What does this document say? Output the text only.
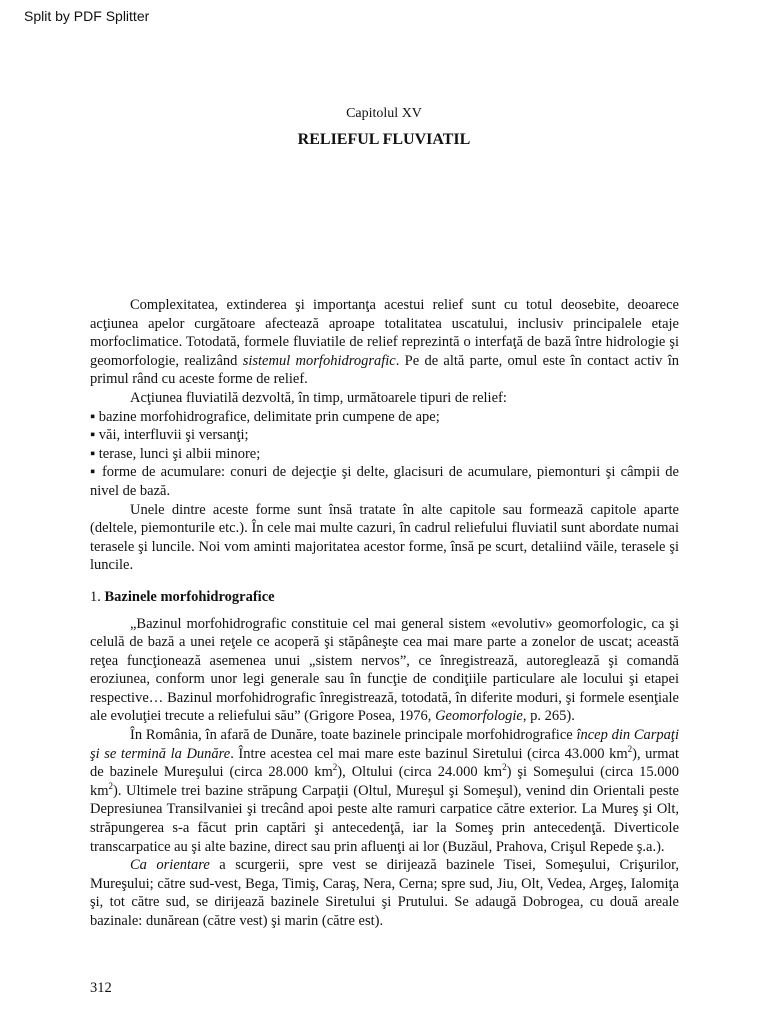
Split by PDF Splitter
Capitolul XV
RELIEFUL FLUVIATIL

Complexitatea, extinderea şi importanţa acestui relief sunt cu totul deosebite, deoarece acţiunea apelor curgătoare afectează aproape totalitatea uscatului, inclusiv principalele etaje morfoclimatice. Totodată, formele fluviatile de relief reprezintă o interfaţă de bază între hidrologie şi geomorfologie, realizând sistemul morfohidrografic. Pe de altă parte, omul este în contact activ în primul rând cu aceste forme de relief.

Acţiunea fluviatilă dezvoltă, în timp, următoarele tipuri de relief:

▪ bazine morfohidrografice, delimitate prin cumpene de ape;

▪ văi, interfluvii şi versanţi;

▪ terase, lunci şi albii minore;

▪ forme de acumulare: conuri de dejecţie şi delte, glacisuri de acumulare, piemonturi şi câmpii de nivel de bază.

Unele dintre aceste forme sunt însă tratate în alte capitole sau formează capitole aparte (deltele, piemonturile etc.). În cele mai multe cazuri, în cadrul reliefului fluviatil sunt abordate numai terasele şi luncile. Noi vom aminti majoritatea acestor forme, însă pe scurt, detaliind văile, terasele şi luncile.

1. Bazinele morfohidrografice

„Bazinul morfohidrografic constituie cel mai general sistem «evolutiv» geomorfologic, ca şi celulă de bază a unei reţele ce acoperă şi stăpâneşte cea mai mare parte a zonelor de uscat; această reţea funcţionează asemenea unui „sistem nervos”, ce înregistrează, autoreglează şi comandă eroziunea, conform unor legi generale sau în funcţie de condiţiile particulare ale locului şi etapei respective… Bazinul morfohidrografic înregistrează, totodată, în diferite moduri, şi formele esenţiale ale evoluţiei trecute a reliefului său” (Grigore Posea, 1976, Geomorfologie, p. 265).

În România, în afară de Dunăre, toate bazinele principale morfohidrografice încep din Carpaţi şi se termină la Dunăre. Între acestea cel mai mare este bazinul Siretului (circa 43.000 $km^2$), urmat de bazinele Mureşului (circa 28.000 $km^2$), Oltului (circa 24.000 $km^2$) şi Someşului (circa 15.000 $km^2$). Ultimele trei bazine străpung Carpaţii (Oltul, Mureşul şi Someşul), venind din Orientali peste Depresiunea Transilvaniei şi trecând apoi peste alte ramuri carpatice către exterior. La Mureş şi Olt, străpungerea s-a făcut prin captări şi antecedenţă, iar la Someş prin antecedenţă. Diverticole transcarpatice au şi alte bazine, direct sau prin afluenţi ai lor (Buzăul, Prahova, Crişul Repede ş.a.).

Ca orientare a scurgerii, spre vest se dirijează bazinele Tisei, Someşului, Crişurilor, Mureşului; către sud-vest, Bega, Timiş, Caraş, Nera, Cerna; spre sud, Jiu, Olt, Vedea, Argeş, Ialomiţa şi, tot către sud, se dirijează bazinele Siretului şi Prutului. Se adaugă Dobrogea, cu două areale bazinale: dunărean (către vest) şi marin (către est).

312
